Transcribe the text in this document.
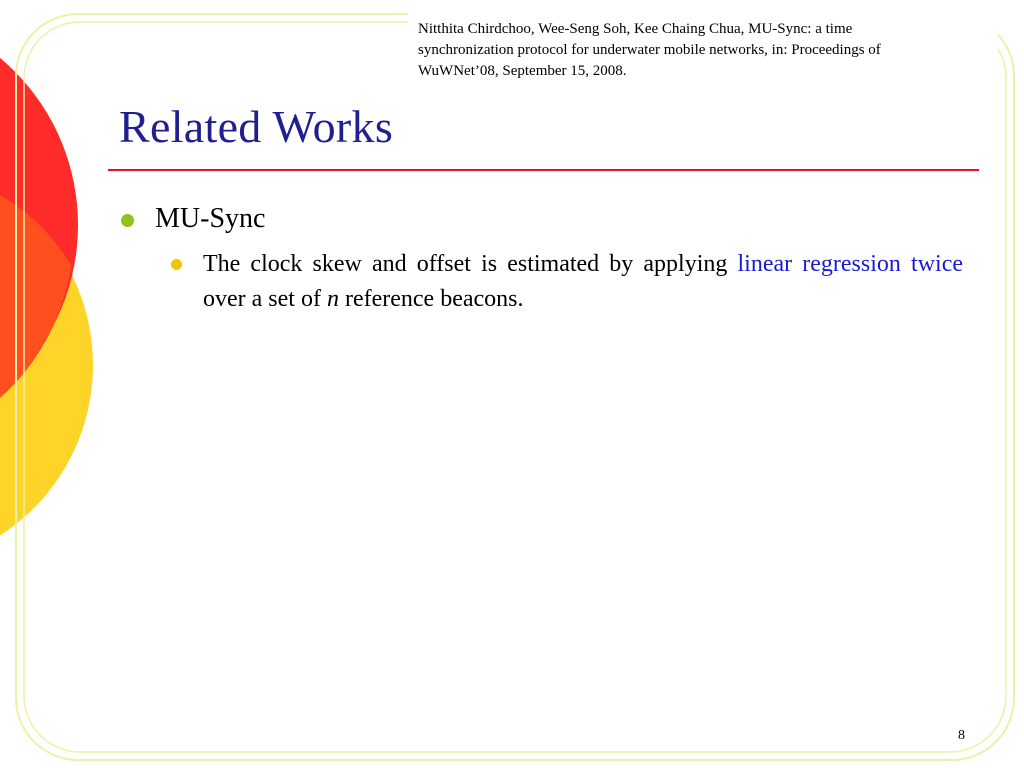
Nitthita Chirdchoo, Wee-Seng Soh, Kee Chaing Chua, MU-Sync: a time
synchronization protocol for underwater mobile networks, in: Proceedings of
WuWNet’08, September 15, 2008.
Related Works
MU-Sync
The clock skew and offset is estimated by applying linear regression twice over a set of n reference beacons.
8
